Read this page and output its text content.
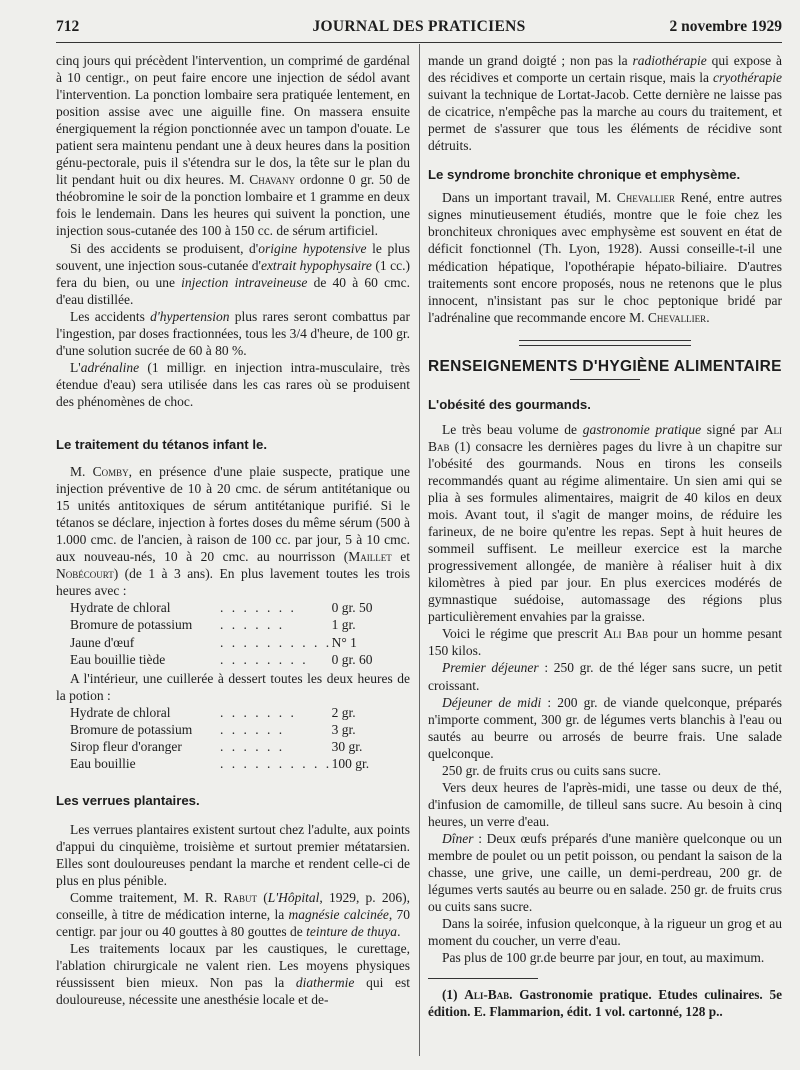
712	JOURNAL DES PRATICIENS	2 novembre 1929

cinq jours qui précèdent l'intervention, un comprimé de gardénal à 10 centigr., on peut faire encore une injection de sédol avant l'intervention. La ponction lombaire sera pratiquée lentement, en position assise avec une aiguille fine. On massera ensuite énergiquement la région ponctionnée avec un tampon d'ouate. Le patient sera maintenu pendant une à deux heures dans la position génu-pectorale, puis il s'étendra sur le dos, la tête sur le plan du lit pendant huit ou dix heures. M. Chavany ordonne 0 gr. 50 de théobromine le soir de la ponction lombaire et 1 gramme en deux fois le lendemain. Dans les heures qui suivent la ponction, une injection sous-cutanée des 100 à 150 cc. de sérum artificiel.

Si des accidents se produisent, d'origine hypotensive le plus souvent, une injection sous-cutanée d'extrait hypophysaire (1 cc.) fera du bien, ou une injection intraveineuse de 40 à 60 cmc. d'eau distillée.

Les accidents d'hypertension plus rares seront combattus par l'ingestion, par doses fractionnées, tous les 3/4 d'heure, de 100 gr. d'une solution sucrée de 60 à 80 %.

L'adrénaline (1 milligr. en injection intra-musculaire, très étendue d'eau) sera utilisée dans les cas rares où se produisent des phénomènes de choc.

Le traitement du tétanos infant le.

M. Comby, en présence d'une plaie suspecte, pratique une injection préventive de 10 à 20 cmc. de sérum antitétanique ou 15 unités antitoxiques de sérum antitétanique purifié. Si le tétanos se déclare, injection à fortes doses du même sérum (500 à 1.000 cmc. de l'ancien, à raison de 100 cc. par jour, 5 à 10 cmc. aux nouveau-nés, 10 à 20 cmc. au nourrisson (Maillet et Nobécourt) (de 1 à 3 ans). En plus lavement toutes les trois heures avec :

Hydrate de chloral	. . . . . . .	0 gr. 50
Bromure de potassium	. . . . . .	1 gr.
Jaune d'œuf	. . . . . . . . . .	N° 1
Eau bouillie tiède	. . . . . . . .	0 gr. 60

A l'intérieur, une cuillerée à dessert toutes les deux heures de la potion :

Hydrate de chloral	. . . . . . .	2 gr.
Bromure de potassium	. . . . . .	3 gr.
Sirop fleur d'oranger	. . . . . .	30 gr.
Eau bouillie	. . . . . . . . . .	100 gr.

Les verrues plantaires.

Les verrues plantaires existent surtout chez l'adulte, aux points d'appui du cinquième, troisième et surtout premier métatarsien. Elles sont douloureuses pendant la marche et rendent celle-ci de plus en plus pénible.

Comme traitement, M. R. Rabut (L'Hôpital, 1929, p. 206), conseille, à titre de médication interne, la magnésie calcinée, 70 centigr. par jour ou 40 gouttes à 80 gouttes de teinture de thuya.

Les traitements locaux par les caustiques, le curettage, l'ablation chirurgicale ne valent rien. Les moyens physiques réussissent bien mieux. Non pas la diathermie qui est douloureuse, nécessite une anesthésie locale et de-

mande un grand doigté ; non pas la radiothérapie qui expose à des récidives et comporte un certain risque, mais la cryothérapie suivant la technique de Lortat-Jacob. Cette dernière ne laisse pas de cicatrice, n'empêche pas la marche au cours du traitement, et permet de s'assurer que tous les éléments de récidive sont détruits.

Le syndrome bronchite chronique et emphysème.

Dans un important travail, M. Chevallier René, entre autres signes minutieusement étudiés, montre que le foie chez les bronchiteux chroniques avec emphysème est souvent en état de déficit fonctionnel (Th. Lyon, 1928). Aussi conseille-t-il une médication hépatique, l'opothérapie hépato-biliaire. D'autres traitements sont encore proposés, nous ne retenons que le plus innocent, n'insistant pas sur le choc peptonique bridé par l'adrénaline que recommande encore M. Chevallier.

RENSEIGNEMENTS D'HYGIÈNE ALIMENTAIRE

L'obésité des gourmands.

Le très beau volume de gastronomie pratique signé par Ali Bab (1) consacre les dernières pages du livre à un chapitre sur l'obésité des gourmands. Nous en tirons les conseils recommandés quant au régime alimentaire. Un sien ami qui se plia à ses formules alimentaires, maigrit de 40 kilos en deux mois. Avant tout, il s'agit de manger moins, de réduire les farineux, de ne boire qu'entre les repas. Sept à huit heures de sommeil suffisent. Le meilleur exercice est la marche progressivement allongée, de manière à réaliser huit à dix kilomètres à pied par jour. En plus exercices modérés de gymnastique suédoise, automassage des régions plus particulièrement envahies par la graisse.

Voici le régime que prescrit Ali Bab pour un homme pesant 150 kilos.

Premier déjeuner : 250 gr. de thé léger sans sucre, un petit croissant.

Déjeuner de midi : 200 gr. de viande quelconque, préparés n'importe comment, 300 gr. de légumes verts blanchis à l'eau ou sautés au beurre ou arrosés de beurre frais. Une salade quelconque.

250 gr. de fruits crus ou cuits sans sucre.

Vers deux heures de l'après-midi, une tasse ou deux de thé, d'infusion de camomille, de tilleul sans sucre. Au besoin à cinq heures, un verre d'eau.

Dîner : Deux œufs préparés d'une manière quelconque ou un membre de poulet ou un petit poisson, ou pendant la saison de la chasse, une grive, une caille, un demi-perdreau, 200 gr. de légumes verts sautés au beurre ou en salade. 250 gr. de fruits crus ou cuits sans sucre.

Dans la soirée, infusion quelconque, à la rigueur un grog et au moment du coucher, un verre d'eau.

Pas plus de 100 gr.de beurre par jour, en tout, au maximum.

(1) Ali-Bab. Gastronomie pratique. Etudes culinaires. 5e édition. E. Flammarion, édit. 1 vol. cartonné, 128 p..
